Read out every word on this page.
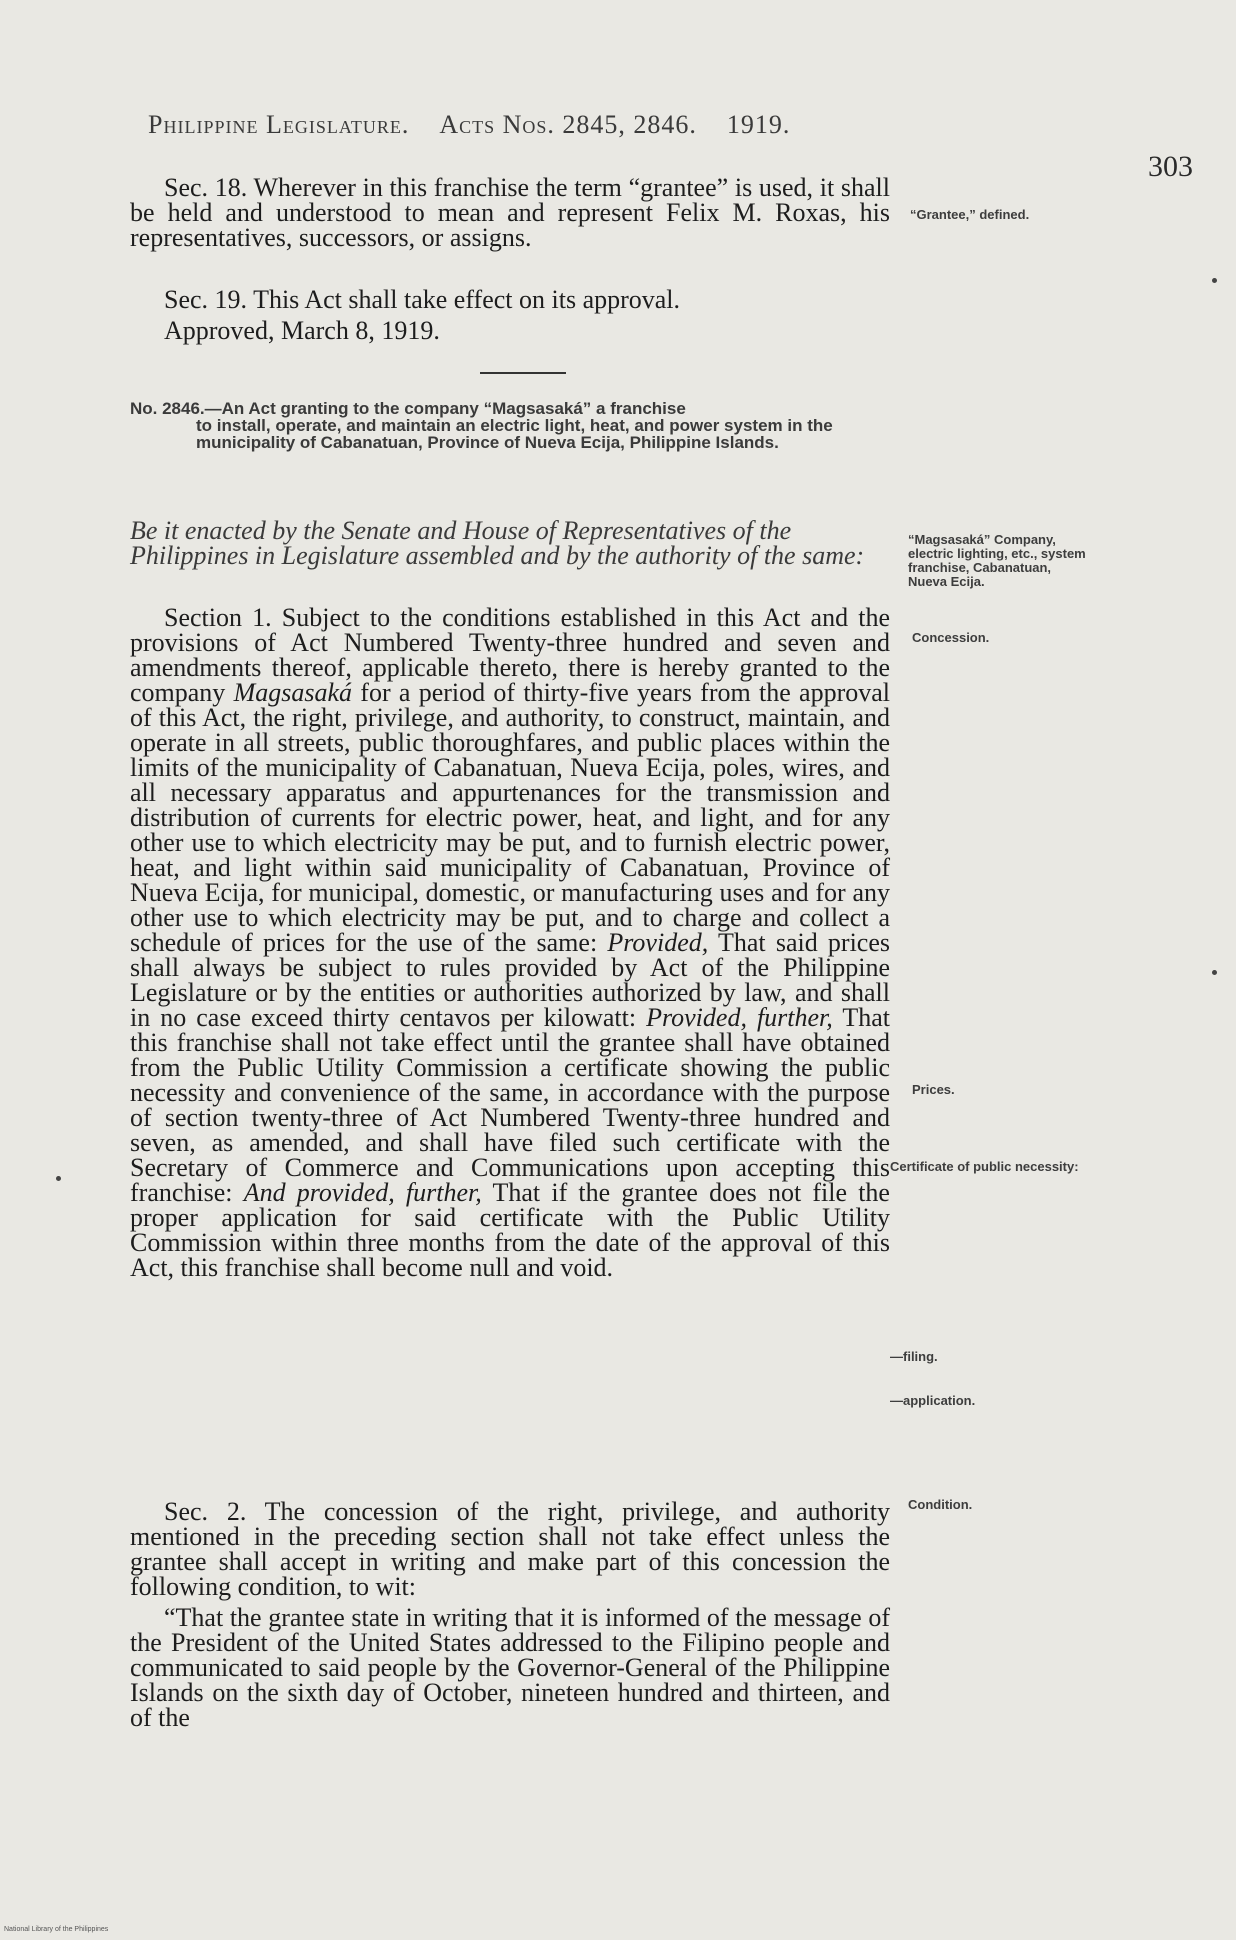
Philippine Legislature. Acts Nos. 2845, 2846. 1919.
303

Sec. 18. Wherever in this franchise the term “grantee” is used, it shall be held and understood to mean and represent Felix M. Roxas, his representatives, successors, or assigns.

Sec. 19. This Act shall take effect on its approval.

Approved, March 8, 1919.

No. 2846.—An Act granting to the company “Magsasaká” a franchise
to install, operate, and maintain an electric light, heat, and power system in the municipality of Cabanatuan, Province of Nueva Ecija, Philippine Islands.
Be it enacted by the Senate and House of Representatives of the Philippines in Legislature assembled and by the authority of the same:

Section 1. Subject to the conditions established in this Act and the provisions of Act Numbered Twenty-three hundred and seven and amendments thereof, applicable thereto, there is hereby granted to the company Magsasaká for a period of thirty-five years from the approval of this Act, the right, privilege, and authority, to construct, maintain, and operate in all streets, public thoroughfares, and public places within the limits of the municipality of Cabanatuan, Nueva Ecija, poles, wires, and all necessary apparatus and appurtenances for the transmission and distribution of currents for electric power, heat, and light, and for any other use to which electricity may be put, and to furnish electric power, heat, and light within said municipality of Cabanatuan, Province of Nueva Ecija, for municipal, domestic, or manufacturing uses and for any other use to which electricity may be put, and to charge and collect a schedule of prices for the use of the same: Provided, That said prices shall always be subject to rules provided by Act of the Philippine Legislature or by the entities or authorities authorized by law, and shall in no case exceed thirty centavos per kilowatt: Provided, further, That this franchise shall not take effect until the grantee shall have obtained from the Public Utility Commission a certificate showing the public necessity and convenience of the same, in accordance with the purpose of section twenty-three of Act Numbered Twenty-three hundred and seven, as amended, and shall have filed such certificate with the Secretary of Commerce and Communications upon accepting this franchise: And provided, further, That if the grantee does not file the proper application for said certificate with the Public Utility Commission within three months from the date of the approval of this Act, this franchise shall become null and void.

Sec. 2. The concession of the right, privilege, and authority mentioned in the preceding section shall not take effect unless the grantee shall accept in writing and make part of this concession the following condition, to wit:

“That the grantee state in writing that it is informed of the message of the President of the United States addressed to the Filipino people and communicated to said people by the Governor-General of the Philippine Islands on the sixth day of October, nineteen hundred and thirteen, and of the

“Grantee,” defined.
“Magsasaká” Company, electric lighting, etc., system franchise, Cabanatuan, Nueva Ecija.
Concession.
Prices.
Certificate of public necessity:
—filing.
—application.
Condition.
National Library of the Philippines
